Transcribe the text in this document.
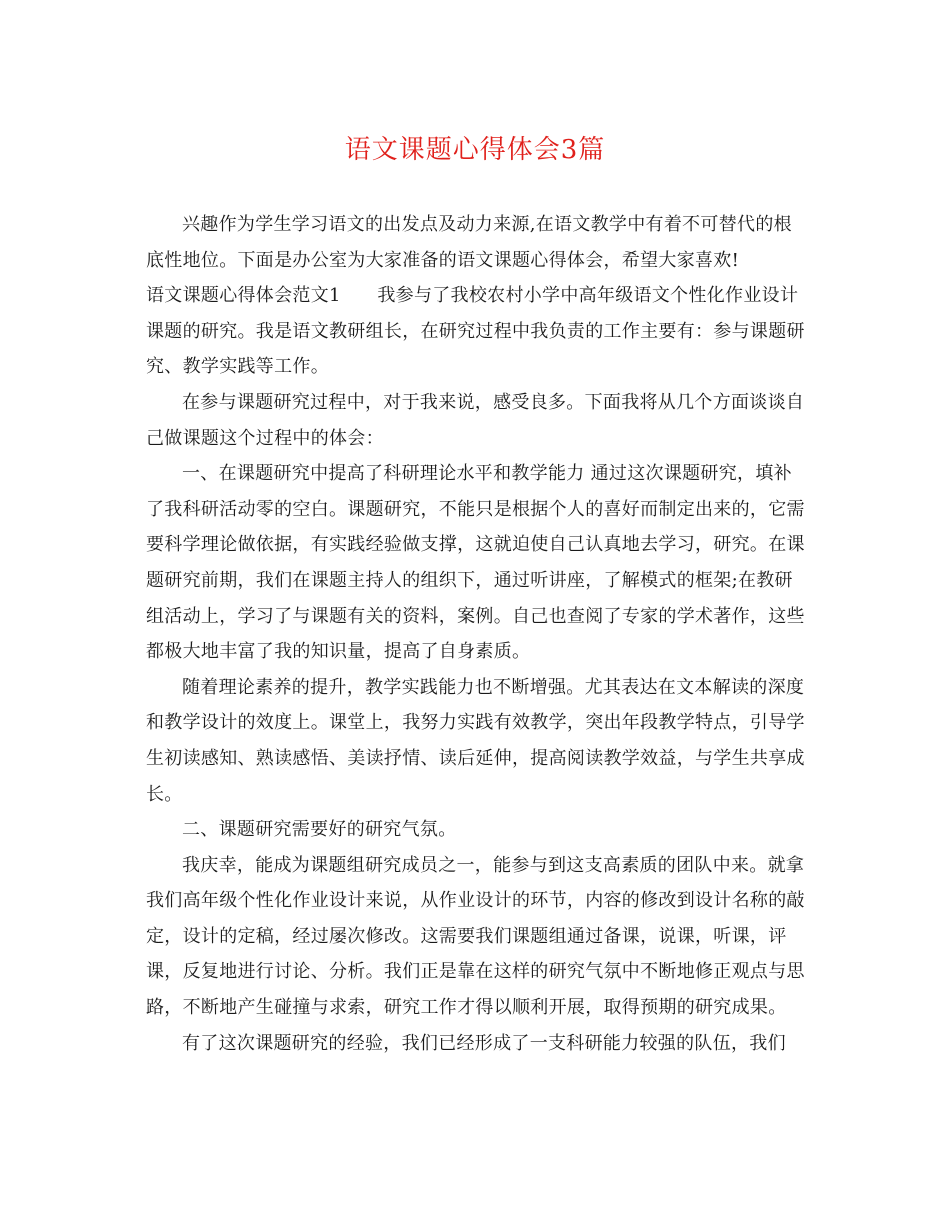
语文课题心得体会3篇

兴趣作为学生学习语文的出发点及动力来源,在语文教学中有着不可替代的根底性地位。下面是办公室为大家准备的语文课题心得体会，希望大家喜欢!

语文课题心得体会范文1　　我参与了我校农村小学中高年级语文个性化作业设计课题的研究。我是语文教研组长，在研究过程中我负责的工作主要有：参与课题研究、教学实践等工作。

在参与课题研究过程中，对于我来说，感受良多。下面我将从几个方面谈谈自己做课题这个过程中的体会：

一、在课题研究中提高了科研理论水平和教学能力 通过这次课题研究，填补了我科研活动零的空白。课题研究，不能只是根据个人的喜好而制定出来的，它需要科学理论做依据，有实践经验做支撑，这就迫使自己认真地去学习，研究。在课题研究前期，我们在课题主持人的组织下，通过听讲座，了解模式的框架;在教研组活动上，学习了与课题有关的资料，案例。自己也查阅了专家的学术著作，这些都极大地丰富了我的知识量，提高了自身素质。

随着理论素养的提升，教学实践能力也不断增强。尤其表达在文本解读的深度和教学设计的效度上。课堂上，我努力实践有效教学，突出年段教学特点，引导学生初读感知、熟读感悟、美读抒情、读后延伸，提高阅读教学效益，与学生共享成长。

二、课题研究需要好的研究气氛。

我庆幸，能成为课题组研究成员之一，能参与到这支高素质的团队中来。就拿我们高年级个性化作业设计来说，从作业设计的环节，内容的修改到设计名称的敲定，设计的定稿，经过屡次修改。这需要我们课题组通过备课，说课，听课，评课，反复地进行讨论、分析。我们正是靠在这样的研究气氛中不断地修正观点与思路，不断地产生碰撞与求索，研究工作才得以顺利开展，取得预期的研究成果。

有了这次课题研究的经验，我们已经形成了一支科研能力较强的队伍，我们
